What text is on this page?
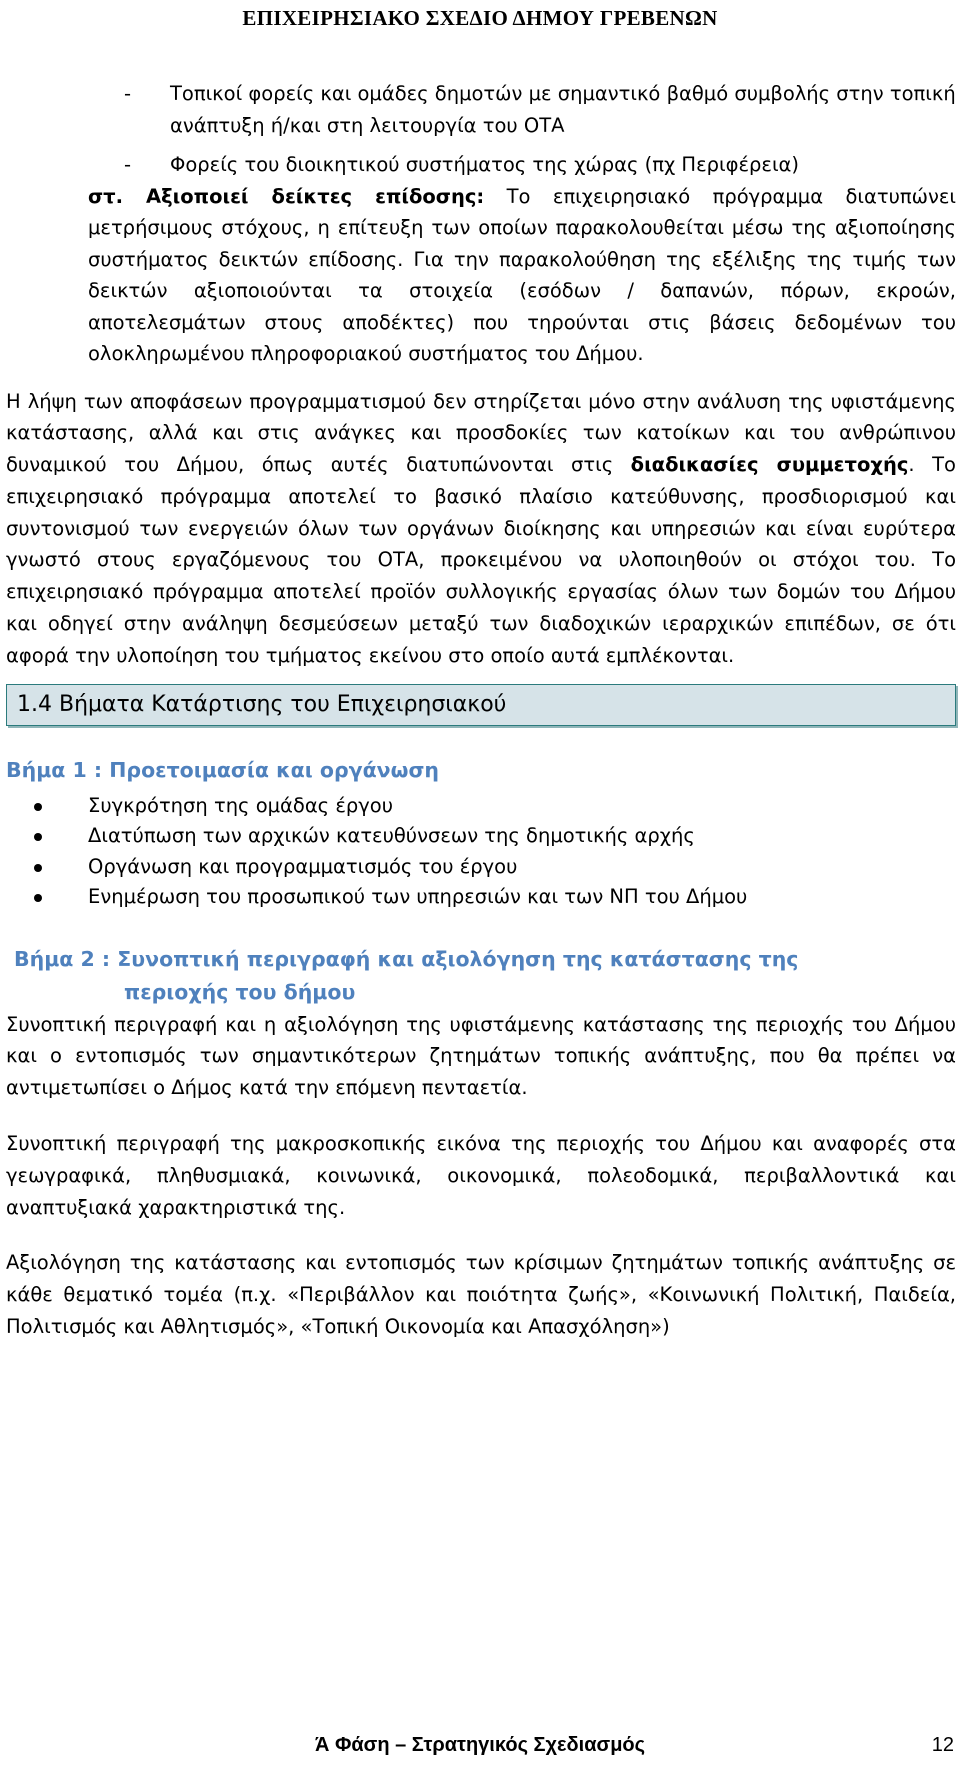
ΕΠΙΧΕΙΡΗΣΙΑΚΟ ΣΧΕΔΙΟ ΔΗΜΟΥ ΓΡΕΒΕΝΩΝ
- Τοπικοί φορείς και ομάδες δημοτών με σημαντικό βαθμό συμβολής στην τοπική ανάπτυξη ή/και στη λειτουργία του ΟΤΑ
- Φορείς του διοικητικού συστήματος της χώρας (πχ Περιφέρεια)
στ. Αξιοποιεί δείκτες επίδοσης: Το επιχειρησιακό πρόγραμμα διατυπώνει μετρήσιμους στόχους, η επίτευξη των οποίων παρακολουθείται μέσω της αξιοποίησης συστήματος δεικτών επίδοσης. Για την παρακολούθηση της εξέλιξης της τιμής των δεικτών αξιοποιούνται τα στοιχεία (εσόδων / δαπανών, πόρων, εκροών, αποτελεσμάτων στους αποδέκτες) που τηρούνται στις βάσεις δεδομένων του ολοκληρωμένου πληροφοριακού συστήματος του Δήμου.

Η λήψη των αποφάσεων προγραμματισμού δεν στηρίζεται μόνο στην ανάλυση της υφιστάμενης κατάστασης, αλλά και στις ανάγκες και προσδοκίες των κατοίκων και του ανθρώπινου δυναμικού του Δήμου, όπως αυτές διατυπώνονται στις διαδικασίες συμμετοχής. Το επιχειρησιακό πρόγραμμα αποτελεί το βασικό πλαίσιο κατεύθυνσης, προσδιορισμού και συντονισμού των ενεργειών όλων των οργάνων διοίκησης και υπηρεσιών και είναι ευρύτερα γνωστό στους εργαζόμενους του ΟΤΑ, προκειμένου να υλοποιηθούν οι στόχοι του. Το επιχειρησιακό πρόγραμμα αποτελεί προϊόν συλλογικής εργασίας όλων των δομών του Δήμου και οδηγεί στην ανάληψη δεσμεύσεων μεταξύ των διαδοχικών ιεραρχικών επιπέδων, σε ότι αφορά την υλοποίηση του τμήματος εκείνου στο οποίο αυτά εμπλέκονται.

1.4 Βήματα Κατάρτισης του Επιχειρησιακού
Βήμα 1 : Προετοιμασία και οργάνωση
Συγκρότηση της ομάδας έργου
Διατύπωση των αρχικών κατευθύνσεων της δημοτικής αρχής
Οργάνωση και προγραμματισμός του έργου
Ενημέρωση του προσωπικού των υπηρεσιών και των ΝΠ του Δήμου
Βήμα 2 : Συνοπτική περιγραφή και αξιολόγηση της κατάστασης της
περιοχής του δήμου

Συνοπτική περιγραφή και η αξιολόγηση της υφιστάμενης κατάστασης της περιοχής του Δήμου και ο εντοπισμός των σημαντικότερων ζητημάτων τοπικής ανάπτυξης, που θα πρέπει να αντιμετωπίσει ο Δήμος κατά την επόμενη πενταετία.

Συνοπτική περιγραφή της μακροσκοπικής εικόνα της περιοχής του Δήμου και αναφορές στα γεωγραφικά, πληθυσμιακά, κοινωνικά, οικονομικά, πολεοδομικά, περιβαλλοντικά και αναπτυξιακά χαρακτηριστικά της.

Αξιολόγηση της κατάστασης και εντοπισμός των κρίσιμων ζητημάτων τοπικής ανάπτυξης σε κάθε θεματικό τομέα (π.χ. «Περιβάλλον και ποιότητα ζωής», «Κοινωνική Πολιτική, Παιδεία, Πολιτισμός και Αθλητισμός», «Τοπική Οικονομία και Απασχόληση»)

Ά Φάση – Στρατηγικός Σχεδιασμός	12
